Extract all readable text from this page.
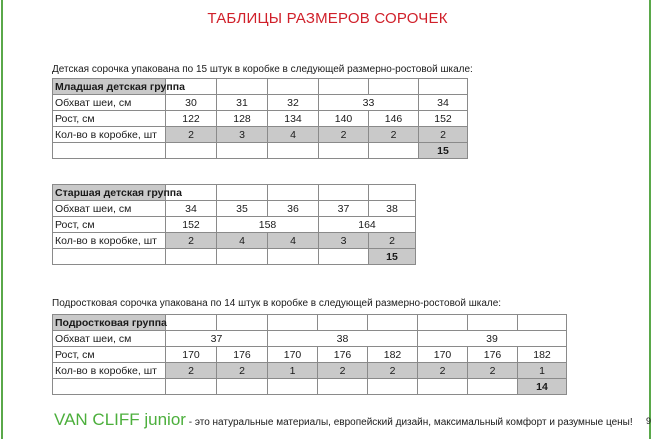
ТАБЛИЦЫ РАЗМЕРОВ СОРОЧЕК
Детская сорочка упакована по 15 штук в коробке в следующей размерно-ростовой шкале:
Младшая детская группа						
Обхват шеи, см	30	31	32	33		34
Рост, см	122	128	134	140	146	152
Кол-во в коробке, шт	2	3	4	2	2	2
						15
Старшая детская группа					
Обхват шеи, см	34	35	36	37	38
Рост, см	152	158		164	
Кол-во в коробке, шт	2	4	4	3	2
					15
Подростковая сорочка упакована по 14 штук в коробке в следующей размерно-ростовой шкале:
Подростковая группа								
Обхват шеи, см	37		38			39		
Рост, см	170	176	170	176	182	170	176	182
Кол-во в коробке, шт	2	2	1	2	2	2	2	1
								14
VAN CLIFF junior - это натуральные материалы, европейский дизайн, максимальный комфорт и разумные цены! 9
